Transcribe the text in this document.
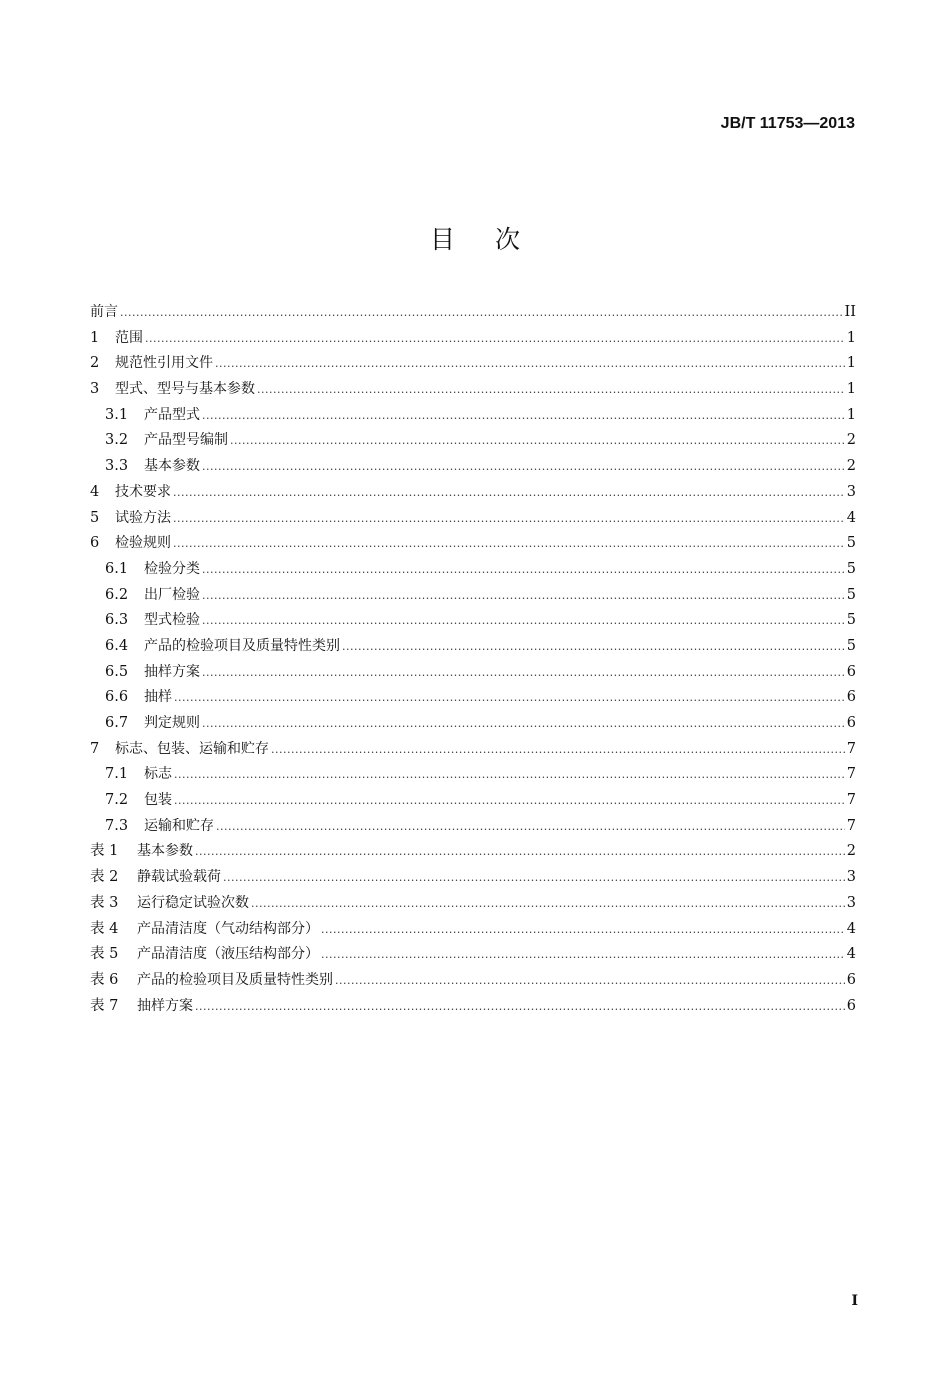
JB/T 11753—2013
目次
前言 .....	II
1	范围 .....	1
2	规范性引用文件 .....	1
3	型式、型号与基本参数 .....	1
3.1	产品型式 .....	1
3.2	产品型号编制 .....	2
3.3	基本参数 .....	2
4	技术要求 .....	3
5	试验方法 .....	4
6	检验规则 .....	5
6.1	检验分类 .....	5
6.2	出厂检验 .....	5
6.3	型式检验 .....	5
6.4	产品的检验项目及质量特性类别 .....	5
6.5	抽样方案 .....	6
6.6	抽样 .....	6
6.7	判定规则 .....	6
7	标志、包装、运输和贮存 .....	7
7.1	标志 .....	7
7.2	包装 .....	7
7.3	运输和贮存 .....	7
表 1	基本参数 .....	2
表 2	静载试验载荷 .....	3
表 3	运行稳定试验次数 .....	3
表 4	产品清洁度（气动结构部分） .....	4
表 5	产品清洁度（液压结构部分） .....	4
表 6	产品的检验项目及质量特性类别 .....	6
表 7	抽样方案 .....	6
I
